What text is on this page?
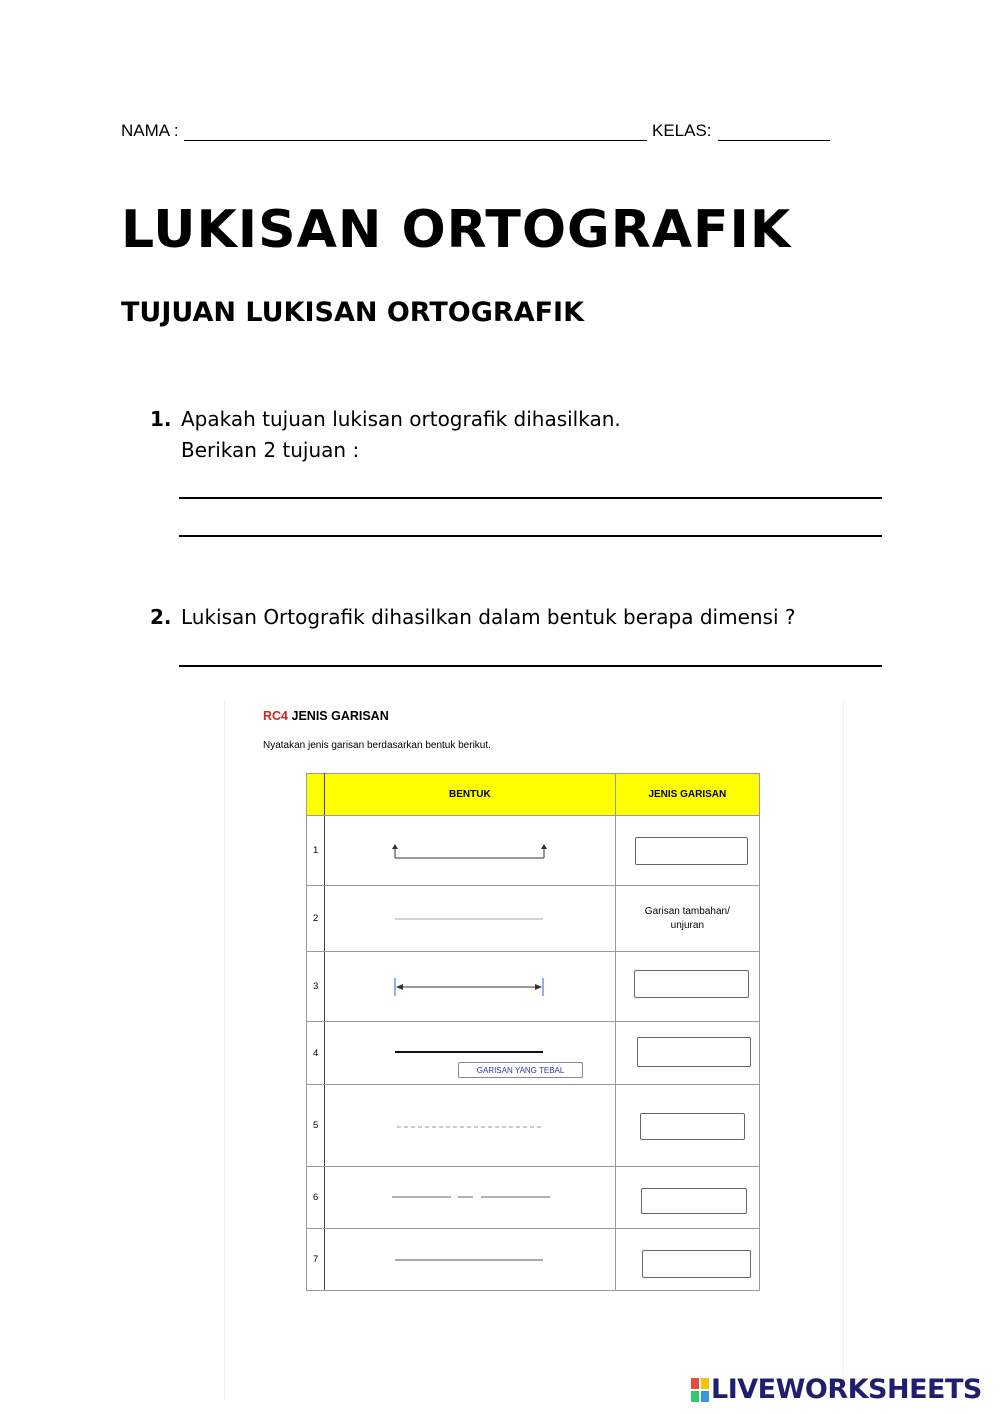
NAMA :	KELAS:
LUKISAN ORTOGRAFIK
TUJUAN LUKISAN ORTOGRAFIK
1. Apakah tujuan lukisan ortografik dihasilkan.
Berikan 2 tujuan :
2. Lukisan Ortografik dihasilkan dalam bentuk berapa dimensi ?
RC4 JENIS GARISAN
Nyatakan jenis garisan berdasarkan bentuk berikut.
	BENTUK	JENIS GARISAN
1	

2		Garisan tambahan/ unjuran
3	

4	GARISAN YANG TEBAL	

5	

6	

7	

LIVEWORKSHEETS
